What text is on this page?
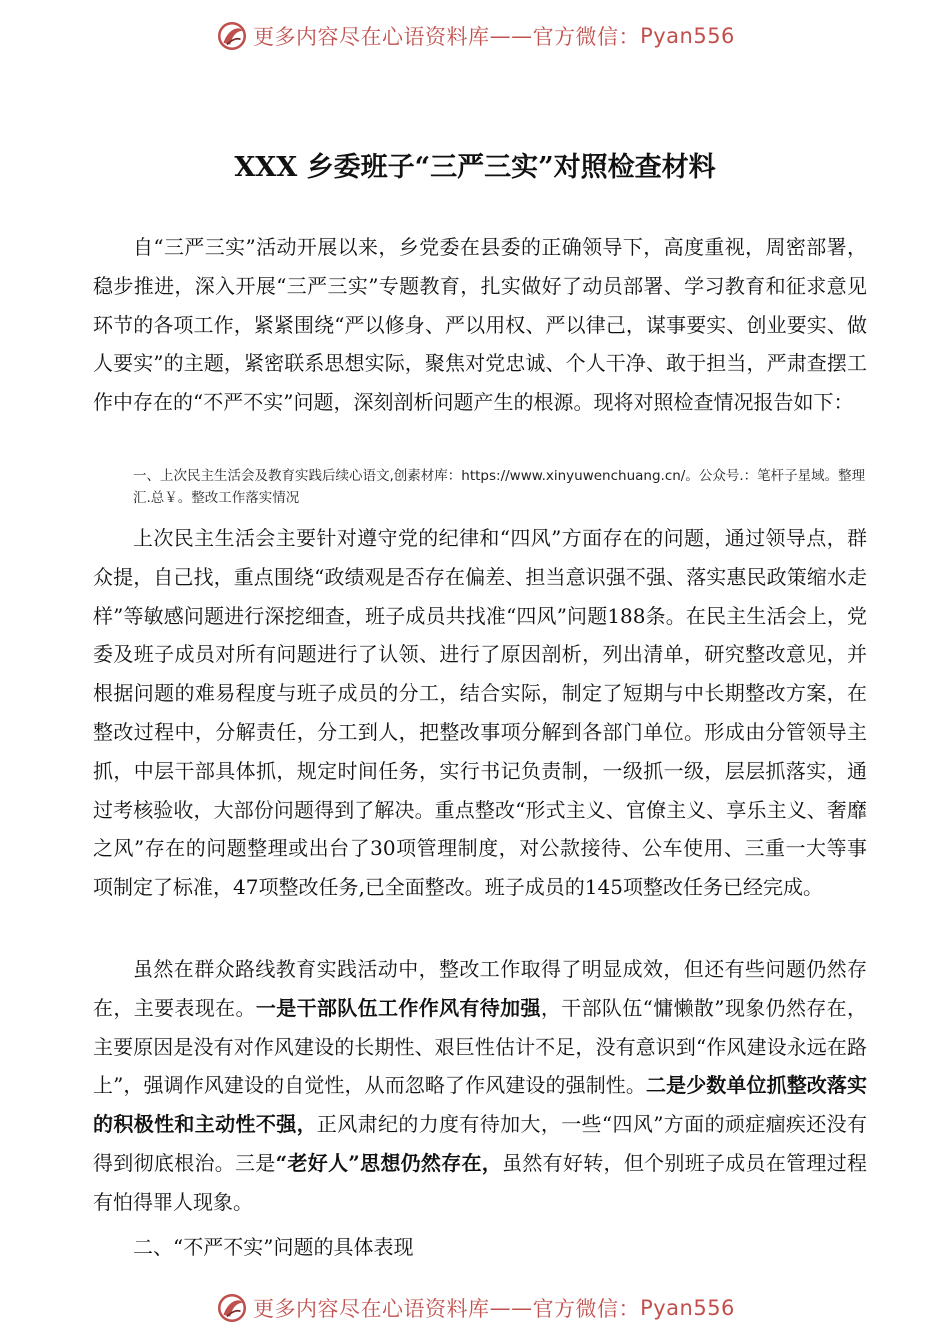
更多内容尽在心语资料库 —— 官方微信： Pyan556
XXX 乡委班子“三严三实”对照检查材料

自“三严三实”活动开展以来，乡党委在县委的正确领导下，高度重视，周密部署，稳步推进，深入开展“三严三实”专题教育，扎实做好了动员部署、学习教育和征求意见环节的各项工作，紧紧围绕“严以修身、严以用权、严以律己，谋事要实、创业要实、做人要实”的主题，紧密联系思想实际，聚焦对党忠诚、个人干净、敢于担当，严肃查摆工作中存在的“不严不实”问题，深刻剖析问题产生的根源。现将对照检查情况报告如下：

一、上次民主生活会及教育实践后续心语文,创素材库：https://www.xinyuwenchuang.cn/。公众号.：笔杆子星域。整理汇.总￥。整改工作落实情况

上次民主生活会主要针对遵守党的纪律和“四风”方面存在的问题，通过领导点，群众提，自己找，重点围绕“政绩观是否存在偏差、担当意识强不强、落实惠民政策缩水走样”等敏感问题进行深挖细查，班子成员共找准“四风”问题188条。在民主生活会上，党委及班子成员对所有问题进行了认领、进行了原因剖析，列出清单，研究整改意见，并根据问题的难易程度与班子成员的分工，结合实际，制定了短期与中长期整改方案，在整改过程中，分解责任，分工到人，把整改事项分解到各部门单位。形成由分管领导主抓，中层干部具体抓，规定时间任务，实行书记负责制，一级抓一级，层层抓落实，通过考核验收，大部份问题得到了解决。重点整改“形式主义、官僚主义、享乐主义、奢靡之风”存在的问题整理或出台了30项管理制度，对公款接待、公车使用、三重一大等事项制定了标准，47项整改任务,已全面整改。班子成员的145项整改任务已经完成。

虽然在群众路线教育实践活动中，整改工作取得了明显成效，但还有些问题仍然存在，主要表现在。一是干部队伍工作作风有待加强，干部队伍“慵懒散”现象仍然存在，主要原因是没有对作风建设的长期性、艰巨性估计不足，没有意识到“作风建设永远在路上”，强调作风建设的自觉性，从而忽略了作风建设的强制性。二是少数单位抓整改落实的积极性和主动性不强，正风肃纪的力度有待加大，一些“四风”方面的顽症痼疾还没有得到彻底根治。三是“老好人”思想仍然存在，虽然有好转，但个别班子成员在管理过程有怕得罪人现象。

二、“不严不实”问题的具体表现

更多内容尽在心语资料库 —— 官方微信： Pyan556
